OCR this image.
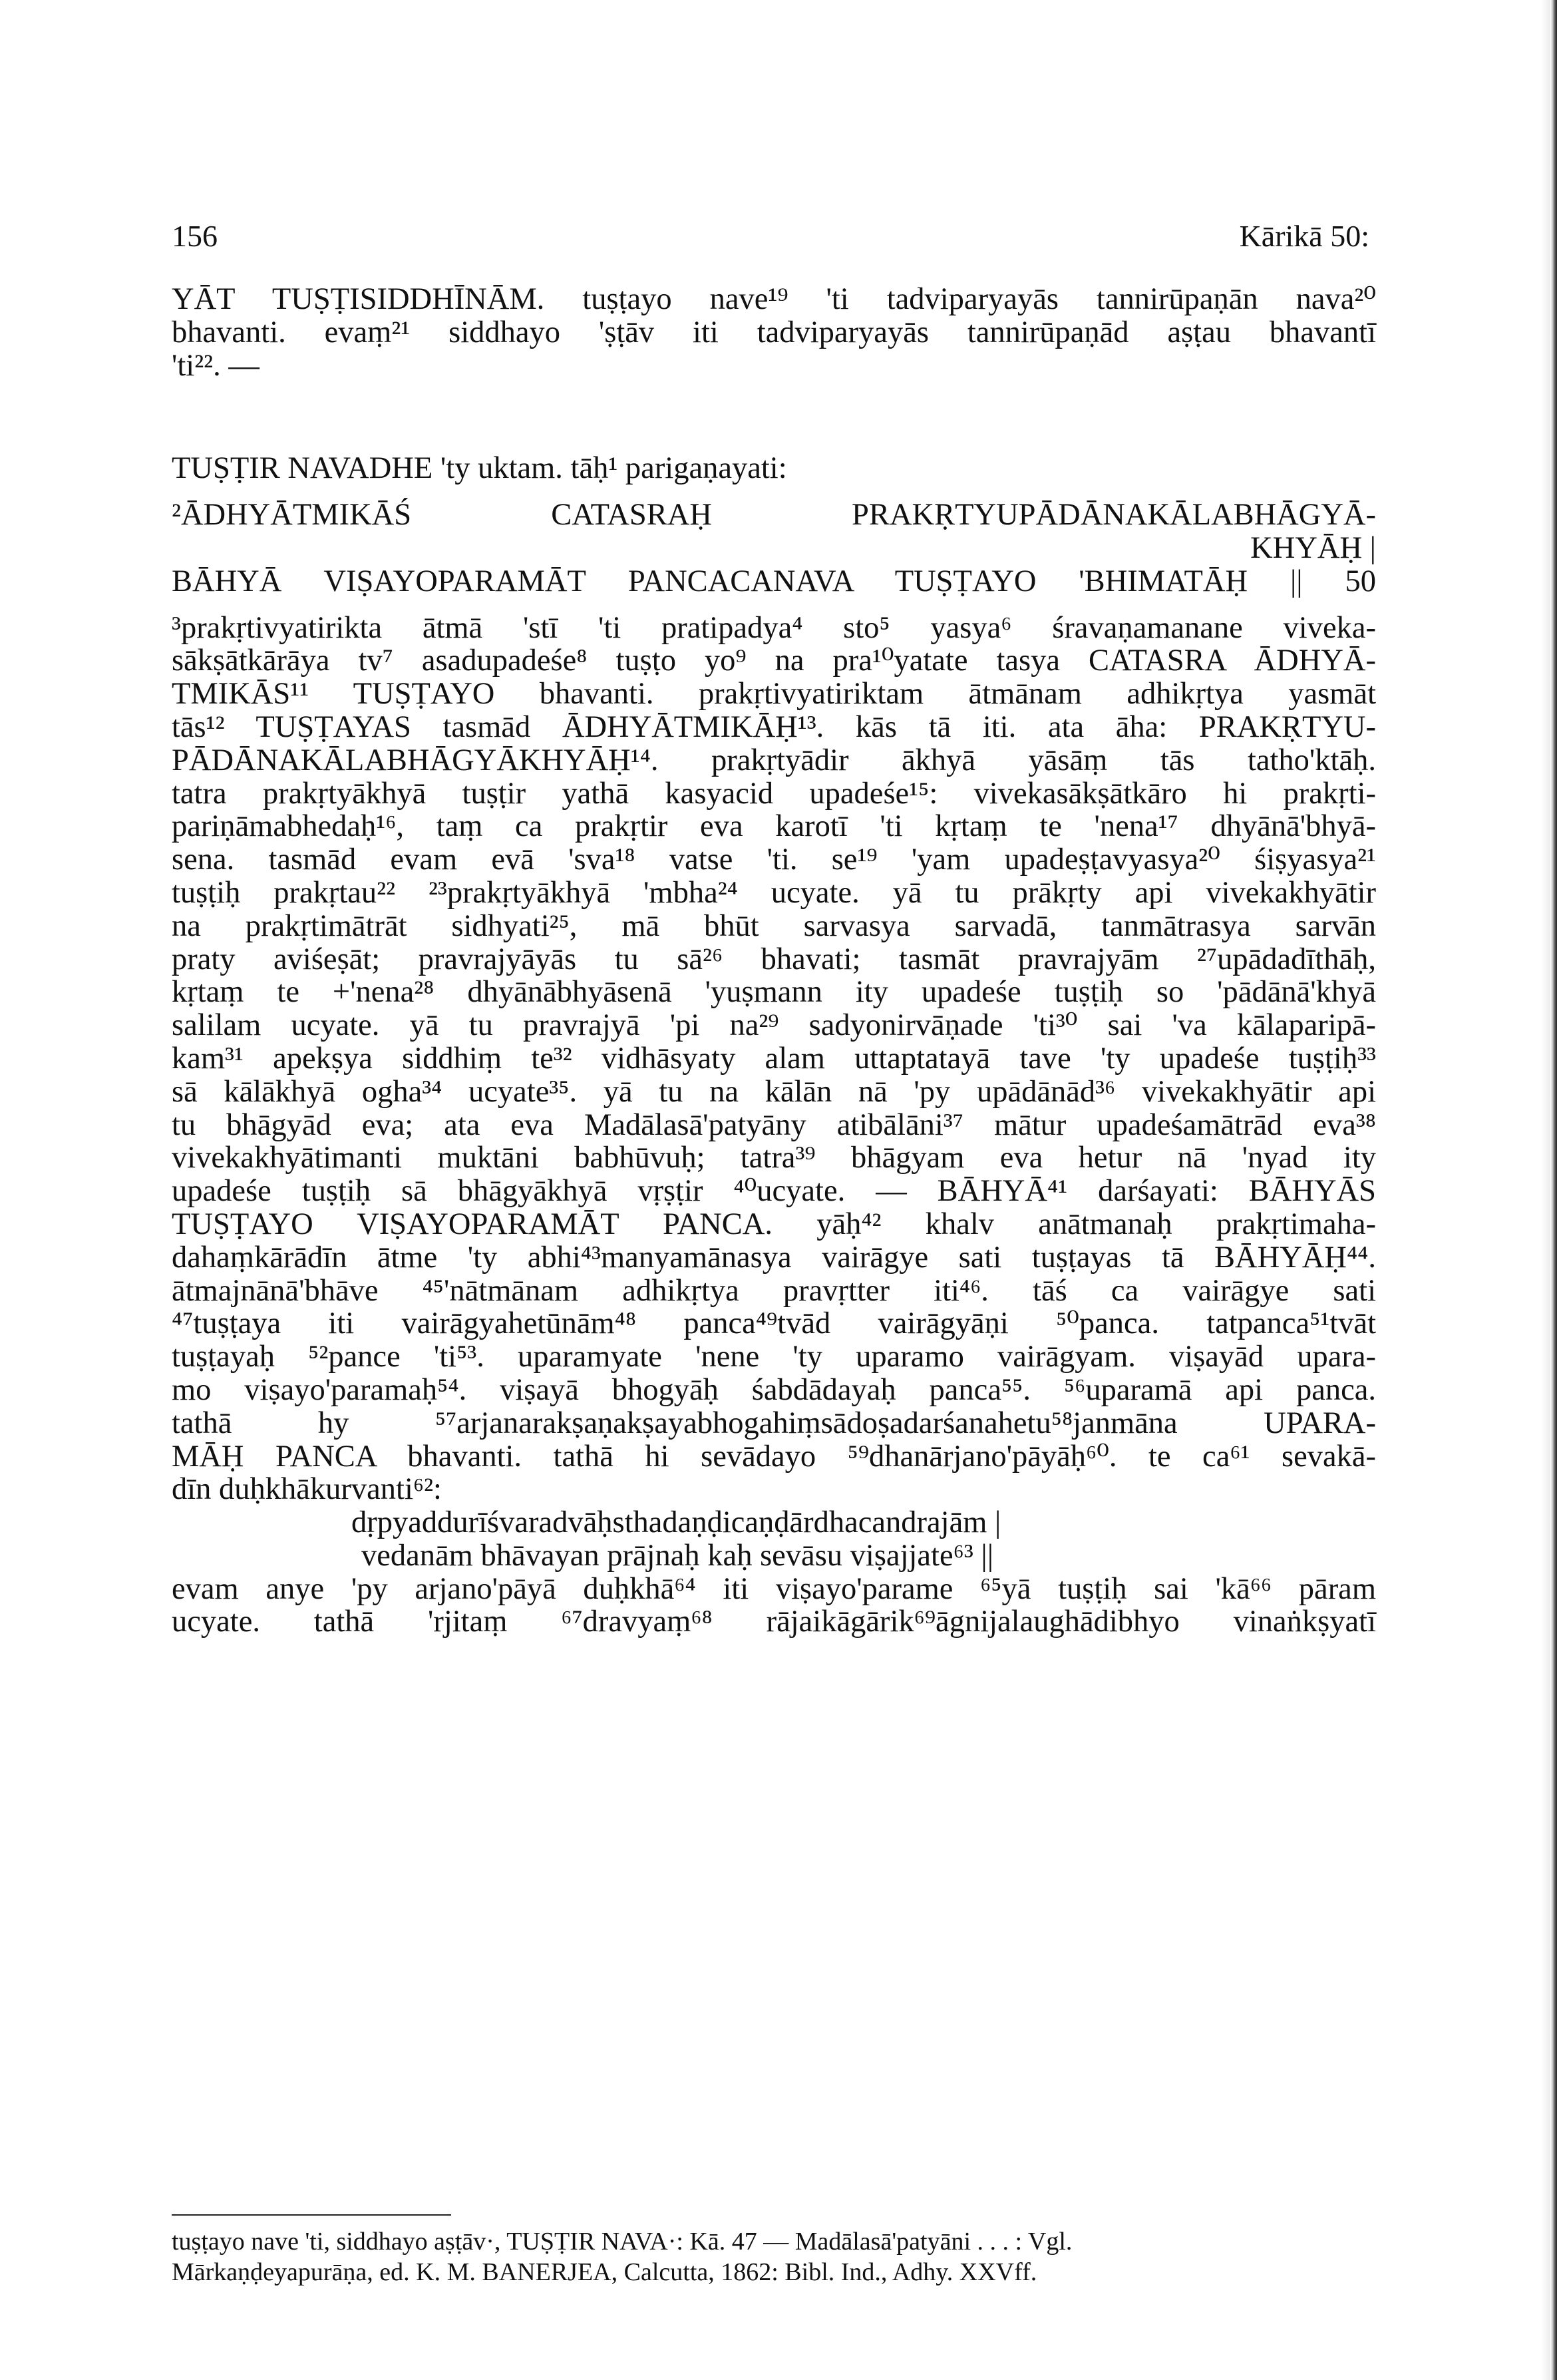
156	Kārikā 50:
YĀT TUṢṬISIDDHĪNĀM. tuṣṭayo nave¹⁹ 'ti tadviparyayās tannirūpaṇān nava²⁰
bhavanti. evaṃ²¹ siddhayo 'ṣṭāv iti tadviparyayās tannirūpaṇād aṣṭau bhavantī
'ti²². —
TUṢṬIR NAVADHE 'ty uktam. tāḥ¹ parigaṇayati:
²ĀDHYĀTMIKĀŚ CATASRAḤ PRAKṚTYUPĀDĀNAKĀLABHĀGYĀ-
KHYĀḤ |
BĀHYĀ VIṢAYOPARAMĀT PANCACANAVA TUṢṬAYO 'BHIMATĀḤ || 50
³prakṛtivyatirikta ātmā 'stī 'ti pratipadya⁴ sto⁵ yasya⁶ śravaṇamanane viveka-
sākṣātkārāya tv⁷ asadupadeśe⁸ tuṣṭo yo⁹ na pra¹⁰yatate tasya CATASRA ĀDHYĀ-
TMIKĀS¹¹ TUṢṬAYO bhavanti. prakṛtivyatiriktam ātmānam adhikṛtya yasmāt
tās¹² TUṢṬAYAS tasmād ĀDHYĀTMIKĀḤ¹³. kās tā iti. ata āha: PRAKṚTYU-
PĀDĀNAKĀLABHĀGYĀKHYĀḤ¹⁴. prakṛtyādir ākhyā yāsāṃ tās tatho'ktāḥ.
tatra prakṛtyākhyā tuṣṭir yathā kasyacid upadeśe¹⁵: vivekasākṣātkāro hi prakṛti-
pariṇāmabhedaḥ¹⁶, taṃ ca prakṛtir eva karotī 'ti kṛtaṃ te 'nena¹⁷ dhyānā'bhyā-
sena. tasmād evam evā 'sva¹⁸ vatse 'ti. se¹⁹ 'yam upadeṣṭavyasya²⁰ śiṣyasya²¹
tuṣṭiḥ prakṛtau²² ²³prakṛtyākhyā 'mbha²⁴ ucyate. yā tu prākṛty api vivekakhyātir
na prakṛtimātrāt sidhyati²⁵, mā bhūt sarvasya sarvadā, tanmātrasya sarvān
praty aviśeṣāt; pravrajyāyās tu sā²⁶ bhavati; tasmāt pravrajyām ²⁷upādadīthāḥ,
kṛtaṃ te +'nena²⁸ dhyānābhyāsenā 'yuṣmann ity upadeśe tuṣṭiḥ so 'pādānā'khyā
salilam ucyate. yā tu pravrajyā 'pi na²⁹ sadyonirvāṇade 'ti³⁰ sai 'va kālaparipā-
kam³¹ apekṣya siddhiṃ te³² vidhāsyaty alam uttaptatayā tave 'ty upadeśe tuṣṭiḥ³³
sā kālākhyā ogha³⁴ ucyate³⁵. yā tu na kālān nā 'py upādānād³⁶ vivekakhyātir api
tu bhāgyād eva; ata eva Madālasā'patyāny atibālāni³⁷ mātur upadeśamātrād eva³⁸
vivekakhyātimanti muktāni babhūvuḥ; tatra³⁹ bhāgyam eva hetur nā 'nyad ity
upadeśe tuṣṭiḥ sā bhāgyākhyā vṛṣṭir ⁴⁰ucyate. — BĀHYĀ⁴¹ darśayati: BĀHYĀS
TUṢṬAYO VIṢAYOPARAMĀT PANCA. yāḥ⁴² khalv anātmanaḥ prakṛtimaha-
dahaṃkārādīn ātme 'ty abhi⁴³manyamānasya vairāgye sati tuṣṭayas tā BĀHYĀḤ⁴⁴.
ātmajnānā'bhāve ⁴⁵'nātmānam adhikṛtya pravṛtter iti⁴⁶. tāś ca vairāgye sati
⁴⁷tuṣṭaya iti vairāgyahetūnām⁴⁸ panca⁴⁹tvād vairāgyāṇi ⁵⁰panca. tatpanca⁵¹tvāt
tuṣṭayaḥ ⁵²pance 'ti⁵³. uparamyate 'nene 'ty uparamo vairāgyam. viṣayād upara-
mo viṣayo'paramaḥ⁵⁴. viṣayā bhogyāḥ śabdādayaḥ panca⁵⁵. ⁵⁶uparamā api panca.
tathā hy ⁵⁷arjanarakṣaṇakṣayabhogahiṃsādoṣadarśanahetu⁵⁸janmāna UPARA-
MĀḤ PANCA bhavanti. tathā hi sevādayo ⁵⁹dhanārjano'pāyāḥ⁶⁰. te ca⁶¹ sevakā-
dīn duḥkhākurvanti⁶²:
dṛpyaddurīśvaradvāḥsthadaṇḍicaṇḍārdhacandrajām |
vedanām bhāvayan prājnaḥ kaḥ sevāsu viṣajjate⁶³ ||
evam anye 'py arjano'pāyā duḥkhā⁶⁴ iti viṣayo'parame ⁶⁵yā tuṣṭiḥ sai 'kā⁶⁶ pāram
ucyate. tathā 'rjitaṃ ⁶⁷dravyaṃ⁶⁸ rājaikāgārik⁶⁹āgnijalaughādibhyo vinaṅkṣyatī
tuṣṭayo nave 'ti, siddhayo aṣṭāv·, TUṢṬIR NAVA·: Kā. 47 — Madālasā'patyāni . . . : Vgl.
Mārkaṇḍeyapurāṇa, ed. K. M. BANERJEA, Calcutta, 1862: Bibl. Ind., Adhy. XXVff.
